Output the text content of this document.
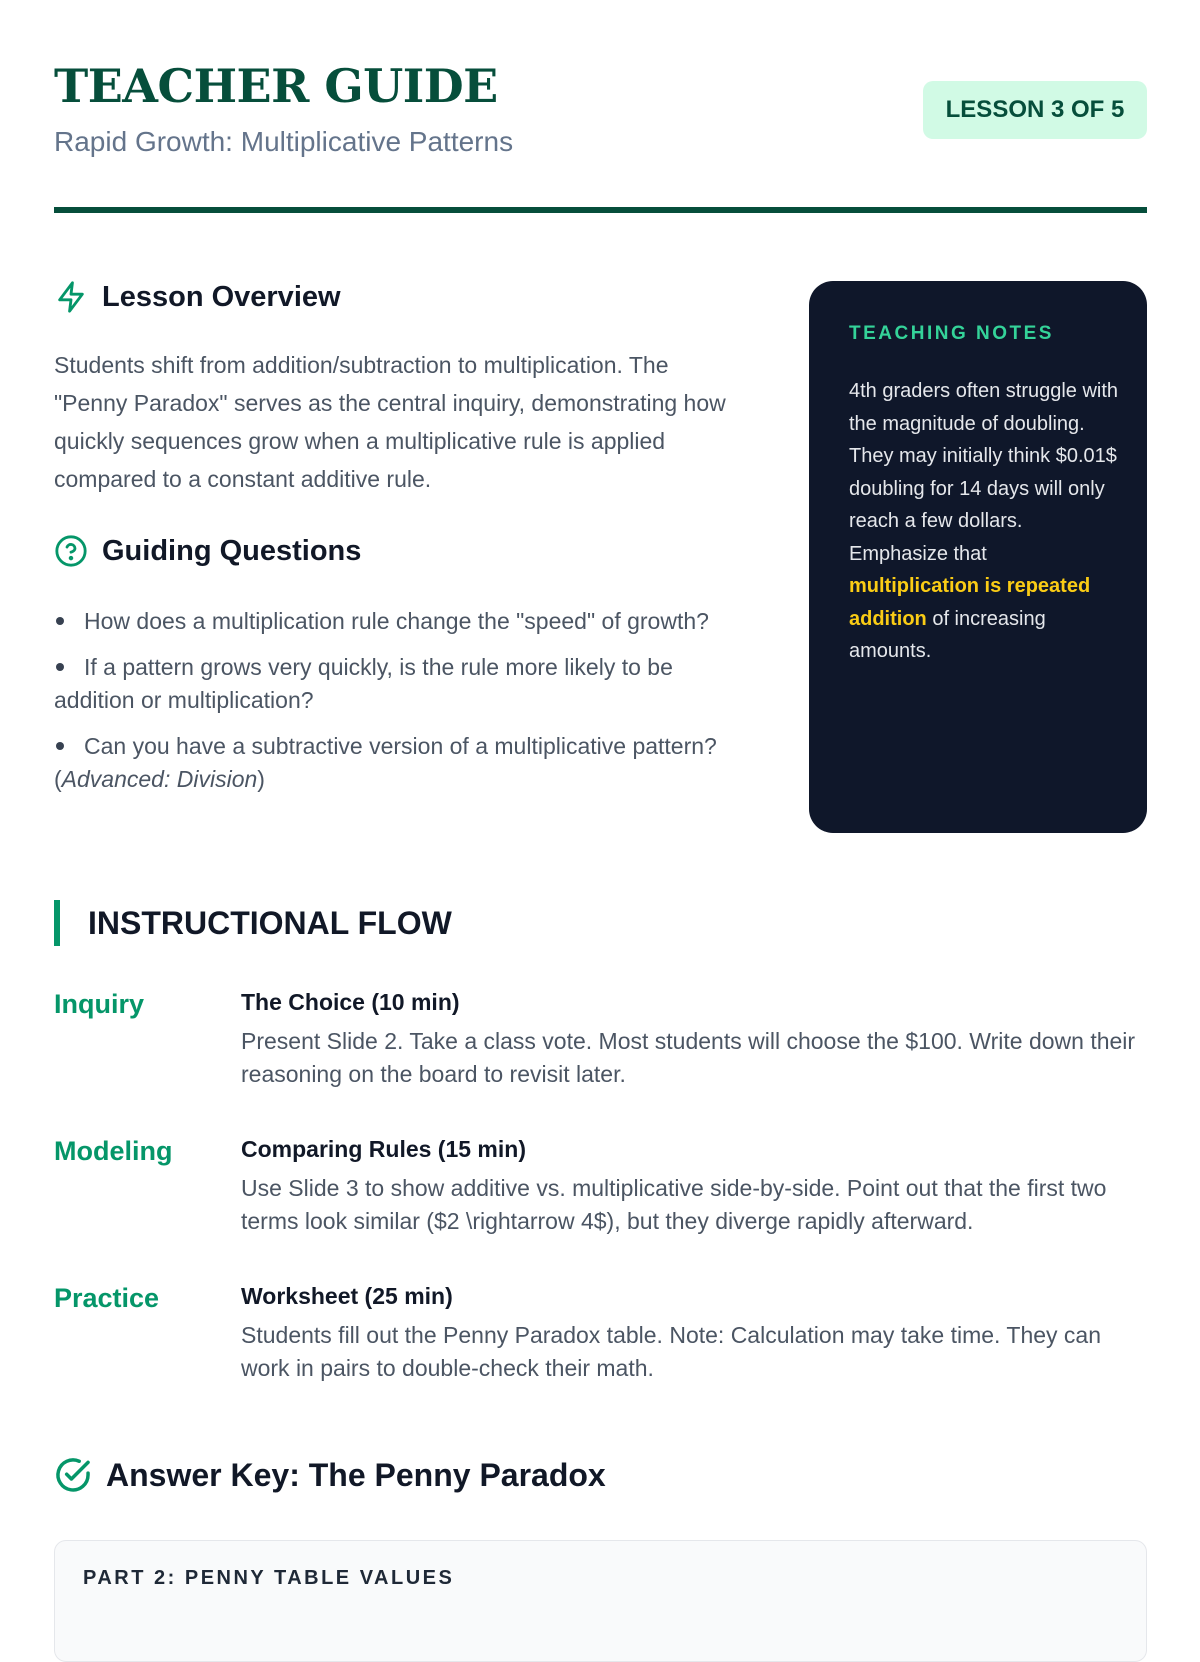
TEACHER GUIDE
Rapid Growth: Multiplicative Patterns
LESSON 3 OF 5
Lesson Overview

Students shift from addition/subtraction to multiplication. The "Penny Paradox" serves as the central inquiry, demonstrating how quickly sequences grow when a multiplicative rule is applied compared to a constant additive rule.

Guiding Questions
How does a multiplication rule change the "speed" of growth?
If a pattern grows very quickly, is the rule more likely to be addition or multiplication?
Can you have a subtractive version of a multiplicative pattern? (Advanced: Division)
TEACHING NOTES

4th graders often struggle with the magnitude of doubling. They may initially think $0.01$ doubling for 14 days will only reach a few dollars. Emphasize that multiplication is repeated addition of increasing amounts.

INSTRUCTIONAL FLOW
Inquiry	The Choice (10 min)
Present Slide 2. Take a class vote. Most students will choose the $100. Write down their reasoning on the board to revisit later.
Modeling	Comparing Rules (15 min)
Use Slide 3 to show additive vs. multiplicative side-by-side. Point out that the first two terms look similar ($2 \rightarrow 4$), but they diverge rapidly afterward.
Practice	Worksheet (25 min)
Students fill out the Penny Paradox table. Note: Calculation may take time. They can work in pairs to double-check their math.
Answer Key: The Penny Paradox
PART 2: PENNY TABLE VALUES
